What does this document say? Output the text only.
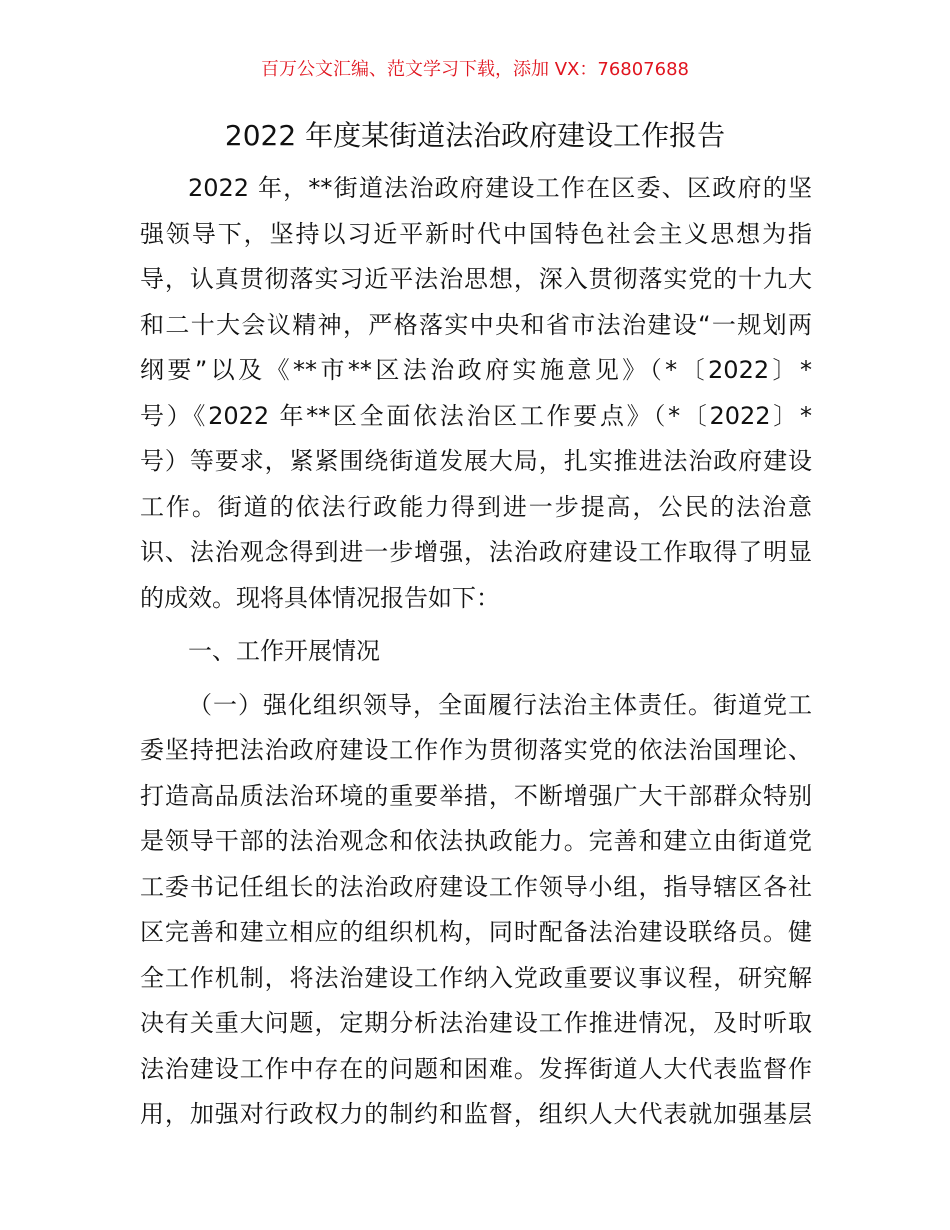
百万公文汇编、范文学习下载，添加 VX：76807688
2022 年度某街道法治政府建设工作报告
2022 年，**街道法治政府建设工作在区委、区政府的坚
强领导下，坚持以习近平新时代中国特色社会主义思想为指
导，认真贯彻落实习近平法治思想，深入贯彻落实党的十九大
和二十大会议精神，严格落实中央和省市法治建设“一规划两
纲要”以及《**市**区法治政府实施意见》（*〔2022〕*
号）《2022 年**区全面依法治区工作要点》（*〔2022〕*
号）等要求，紧紧围绕街道发展大局，扎实推进法治政府建设
工作。街道的依法行政能力得到进一步提高，公民的法治意
识、法治观念得到进一步增强，法治政府建设工作取得了明显
的成效。现将具体情况报告如下：
一、工作开展情况
（一）强化组织领导，全面履行法治主体责任。街道党工
委坚持把法治政府建设工作作为贯彻落实党的依法治国理论、
打造高品质法治环境的重要举措，不断增强广大干部群众特别
是领导干部的法治观念和依法执政能力。完善和建立由街道党
工委书记任组长的法治政府建设工作领导小组，指导辖区各社
区完善和建立相应的组织机构，同时配备法治建设联络员。健
全工作机制，将法治建设工作纳入党政重要议事议程，研究解
决有关重大问题，定期分析法治建设工作推进情况，及时听取
法治建设工作中存在的问题和困难。发挥街道人大代表监督作
用，加强对行政权力的制约和监督，组织人大代表就加强基层
